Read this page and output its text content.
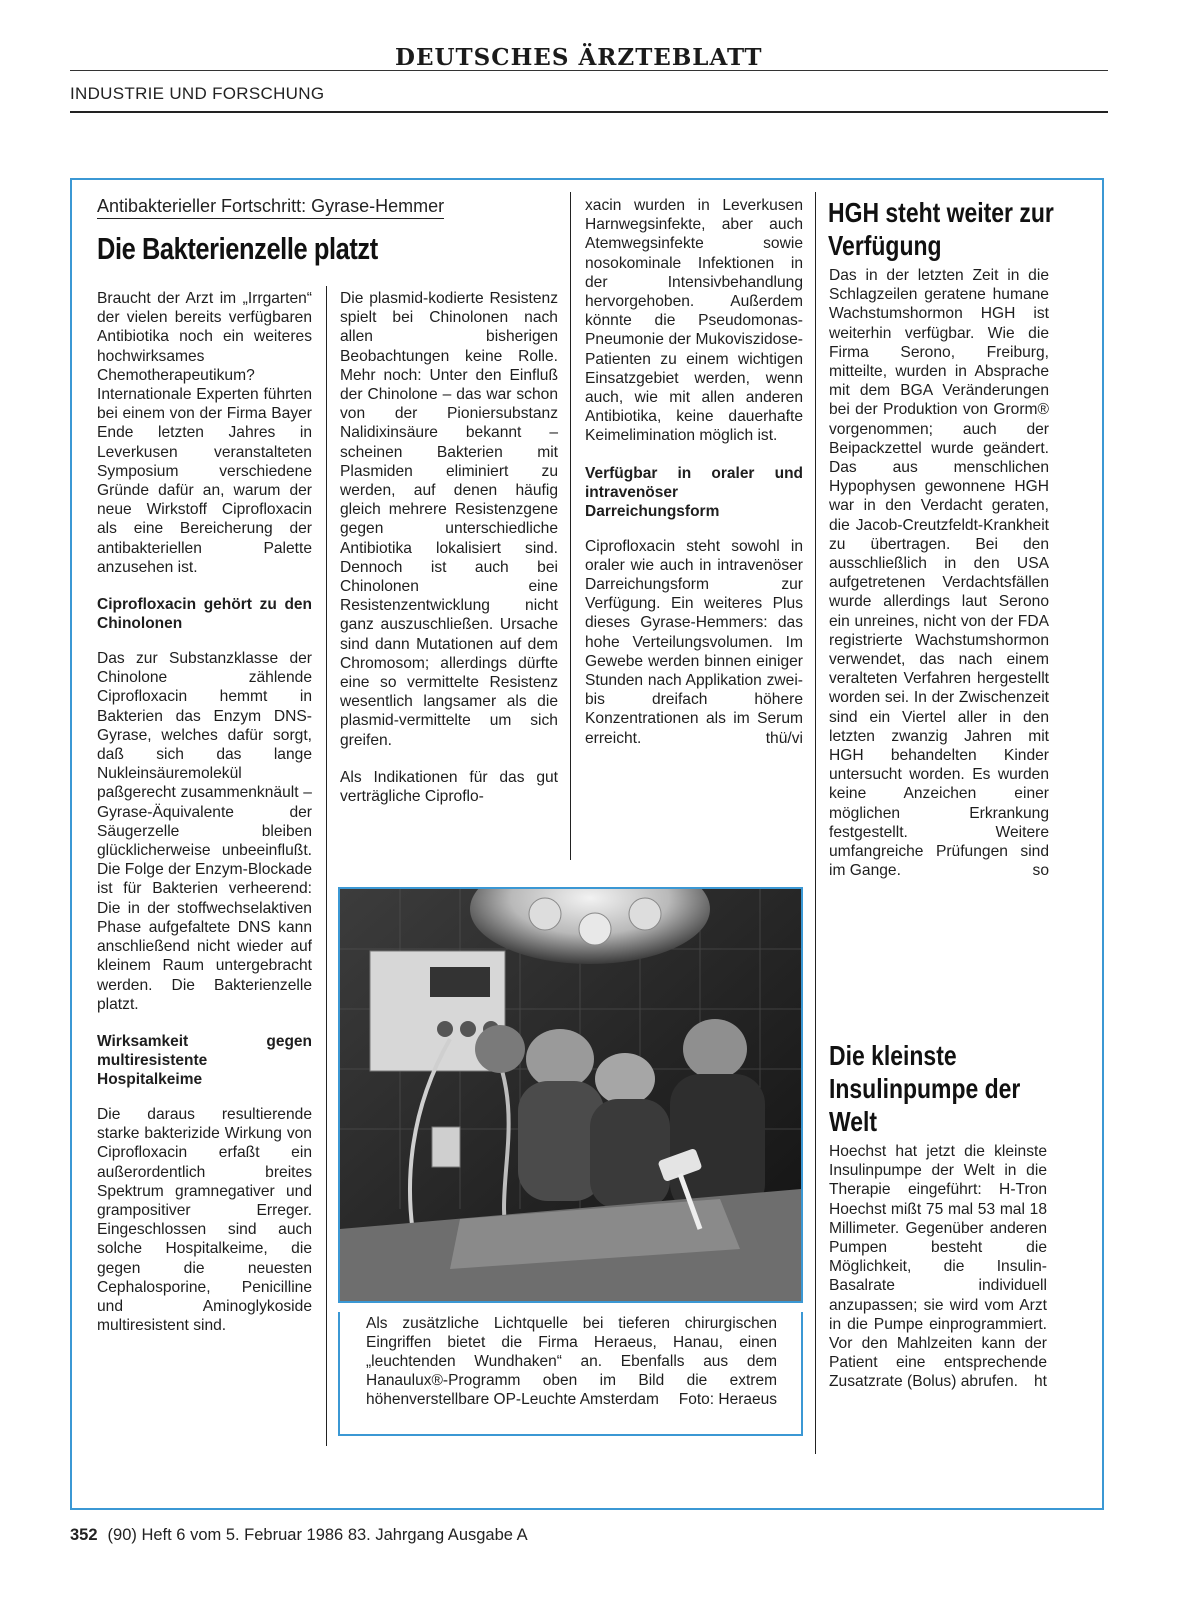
DEUTSCHES ÄRZTEBLATT
INDUSTRIE UND FORSCHUNG
Antibakterieller Fortschritt: Gyrase-Hemmer
Die Bakterienzelle platzt

Braucht der Arzt im „Irrgarten“ der vielen bereits verfügbaren Antibiotika noch ein weiteres hochwirksames Chemotherapeutikum? Internationale Experten führten bei einem von der Firma Bayer Ende letzten Jahres in Leverkusen veranstalteten Symposium verschiedene Gründe dafür an, warum der neue Wirkstoff Ciprofloxacin als eine Bereicherung der antibakteriellen Palette anzusehen ist.

Ciprofloxacin gehört zu den Chinolonen

Das zur Substanzklasse der Chinolone zählende Ciprofloxacin hemmt in Bakterien das Enzym DNS-Gyrase, welches dafür sorgt, daß sich das lange Nukleinsäuremolekül paßgerecht zusammenknäult – Gyrase-Äquivalente der Säugerzelle bleiben glücklicherweise unbeeinflußt. Die Folge der Enzym-Blockade ist für Bakterien verheerend: Die in der stoffwechselaktiven Phase aufgefaltete DNS kann anschließend nicht wieder auf kleinem Raum untergebracht werden. Die Bakterienzelle platzt.

Wirksamkeit gegen multiresistente Hospitalkeime

Die daraus resultierende starke bakterizide Wirkung von Ciprofloxacin erfaßt ein außerordentlich breites Spektrum gramnegativer und grampositiver Erreger. Eingeschlossen sind auch solche Hospitalkeime, die gegen die neuesten Cephalosporine, Penicilline und Aminoglykoside multiresistent sind.

Die plasmid-kodierte Resistenz spielt bei Chinolonen nach allen bisherigen Beobachtungen keine Rolle. Mehr noch: Unter den Einfluß der Chinolone – das war schon von der Pioniersubstanz Nalidixinsäure bekannt – scheinen Bakterien mit Plasmiden eliminiert zu werden, auf denen häufig gleich mehrere Resistenzgene gegen unterschiedliche Antibiotika lokalisiert sind. Dennoch ist auch bei Chinolonen eine Resistenzentwicklung nicht ganz auszuschließen. Ursache sind dann Mutationen auf dem Chromosom; allerdings dürfte eine so vermittelte Resistenz wesentlich langsamer als die plasmid-vermittelte um sich greifen.

Als Indikationen für das gut verträgliche Ciproflo-

xacin wurden in Leverkusen Harnwegsinfekte, aber auch Atemwegsinfekte sowie nosokominale Infektionen in der Intensivbehandlung hervorgehoben. Außerdem könnte die Pseudomonas-Pneumonie der Mukoviszidose-Patienten zu einem wichtigen Einsatzgebiet werden, wenn auch, wie mit allen anderen Antibiotika, keine dauerhafte Keimelimination möglich ist.

Verfügbar in oraler und intravenöser Darreichungsform

Ciprofloxacin steht sowohl in oraler wie auch in intravenöser Darreichungsform zur Verfügung. Ein weiteres Plus dieses Gyrase-Hemmers: das hohe Verteilungsvolumen. Im Gewebe werden binnen einiger Stunden nach Applikation zwei- bis dreifach höhere Konzentrationen als im Serum erreicht.	thü/vi

HGH steht weiter zur Verfügung

Das in der letzten Zeit in die Schlagzeilen geratene humane Wachstumshormon HGH ist weiterhin verfügbar. Wie die Firma Serono, Freiburg, mitteilte, wurden in Absprache mit dem BGA Veränderungen bei der Produktion von Grorm® vorgenommen; auch der Beipackzettel wurde geändert. Das aus menschlichen Hypophysen gewonnene HGH war in den Verdacht geraten, die Jacob-Creutzfeldt-Krankheit zu übertragen. Bei den ausschließlich in den USA aufgetretenen Verdachtsfällen wurde allerdings laut Serono ein unreines, nicht von der FDA registrierte Wachstumshormon verwendet, das nach einem veralteten Verfahren hergestellt worden sei. In der Zwischenzeit sind ein Viertel aller in den letzten zwanzig Jahren mit HGH behandelten Kinder untersucht worden. Es wurden keine Anzeichen einer möglichen Erkrankung festgestellt. Weitere umfangreiche Prüfungen sind im Gange.	so

Die kleinste Insulinpumpe der Welt

Hoechst hat jetzt die kleinste Insulinpumpe der Welt in die Therapie eingeführt: H-Tron Hoechst mißt 75 mal 53 mal 18 Millimeter. Gegenüber anderen Pumpen besteht die Möglichkeit, die Insulin-Basalrate individuell anzupassen; sie wird vom Arzt in die Pumpe einprogrammiert. Vor den Mahlzeiten kann der Patient eine entsprechende Zusatzrate (Bolus) abrufen. ht

Als zusätzliche Lichtquelle bei tieferen chirurgischen Eingriffen bietet die Firma Heraeus, Hanau, einen „leuchtenden Wundhaken“ an. Ebenfalls aus dem Hanaulux®-Programm oben im Bild die extrem höhenverstellbare OP-Leuchte Amsterdam Foto: Heraeus
352 (90) Heft 6 vom 5. Februar 1986 83. Jahrgang Ausgabe A
